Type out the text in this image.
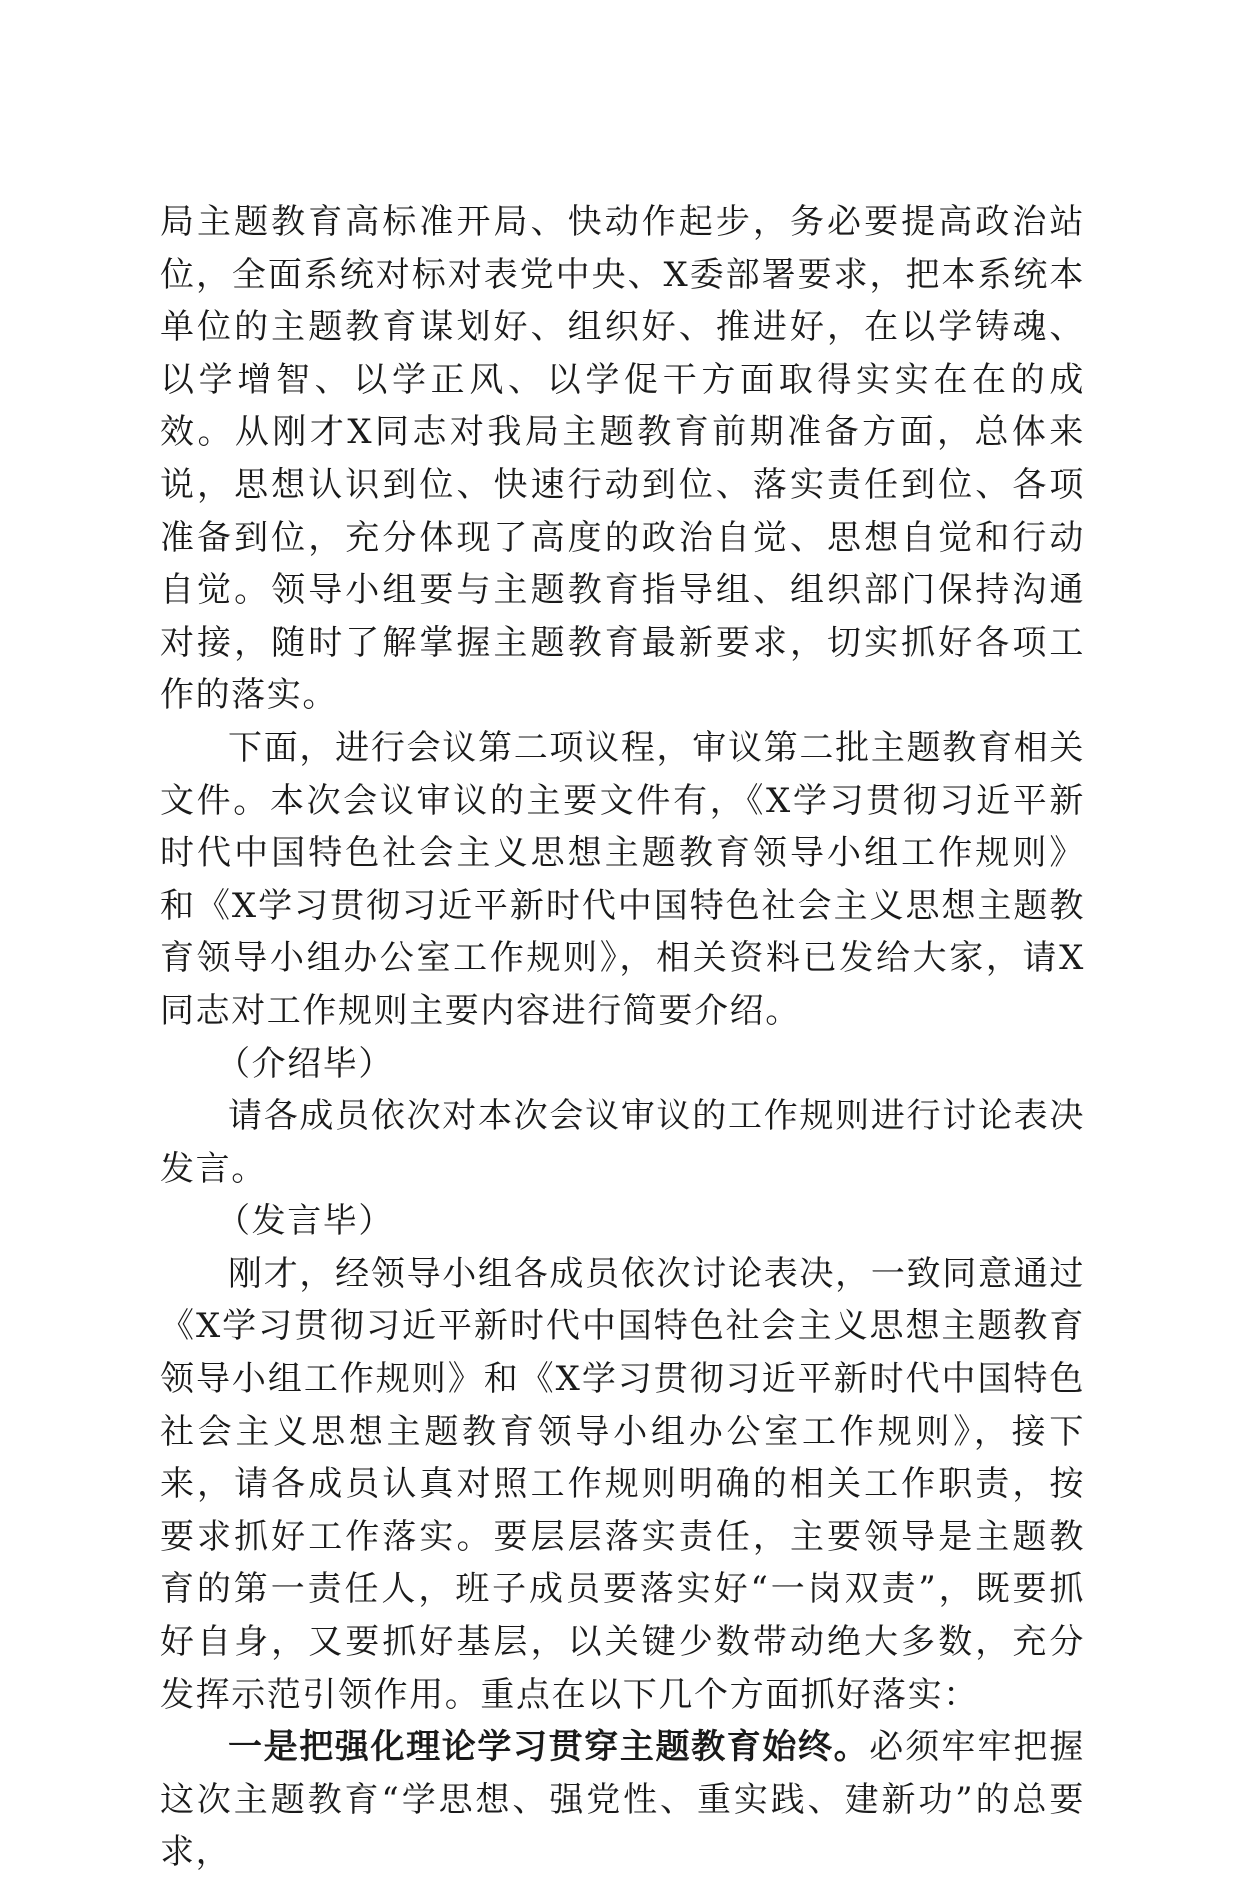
局主题教育高标准开局、快动作起步，务必要提高政治站位，全面系统对标对表党中央、X委部署要求，把本系统本单位的主题教育谋划好、组织好、推进好，在以学铸魂、以学增智、以学正风、以学促干方面取得实实在在的成效。从刚才X同志对我局主题教育前期准备方面，总体来说，思想认识到位、快速行动到位、落实责任到位、各项准备到位，充分体现了高度的政治自觉、思想自觉和行动自觉。领导小组要与主题教育指导组、组织部门保持沟通对接，随时了解掌握主题教育最新要求，切实抓好各项工作的落实。

下面，进行会议第二项议程，审议第二批主题教育相关文件。本次会议审议的主要文件有，《X学习贯彻习近平新时代中国特色社会主义思想主题教育领导小组工作规则》和《X学习贯彻习近平新时代中国特色社会主义思想主题教育领导小组办公室工作规则》，相关资料已发给大家，请X同志对工作规则主要内容进行简要介绍。

（介绍毕）

请各成员依次对本次会议审议的工作规则进行讨论表决发言。

（发言毕）

刚才，经领导小组各成员依次讨论表决，一致同意通过《X学习贯彻习近平新时代中国特色社会主义思想主题教育领导小组工作规则》和《X学习贯彻习近平新时代中国特色社会主义思想主题教育领导小组办公室工作规则》，接下来，请各成员认真对照工作规则明确的相关工作职责，按要求抓好工作落实。要层层落实责任，主要领导是主题教育的第一责任人，班子成员要落实好“一岗双责”，既要抓好自身，又要抓好基层，以关键少数带动绝大多数，充分发挥示范引领作用。重点在以下几个方面抓好落实：

一是把强化理论学习贯穿主题教育始终。必须牢牢把握这次主题教育“学思想、强党性、重实践、建新功”的总要求，
